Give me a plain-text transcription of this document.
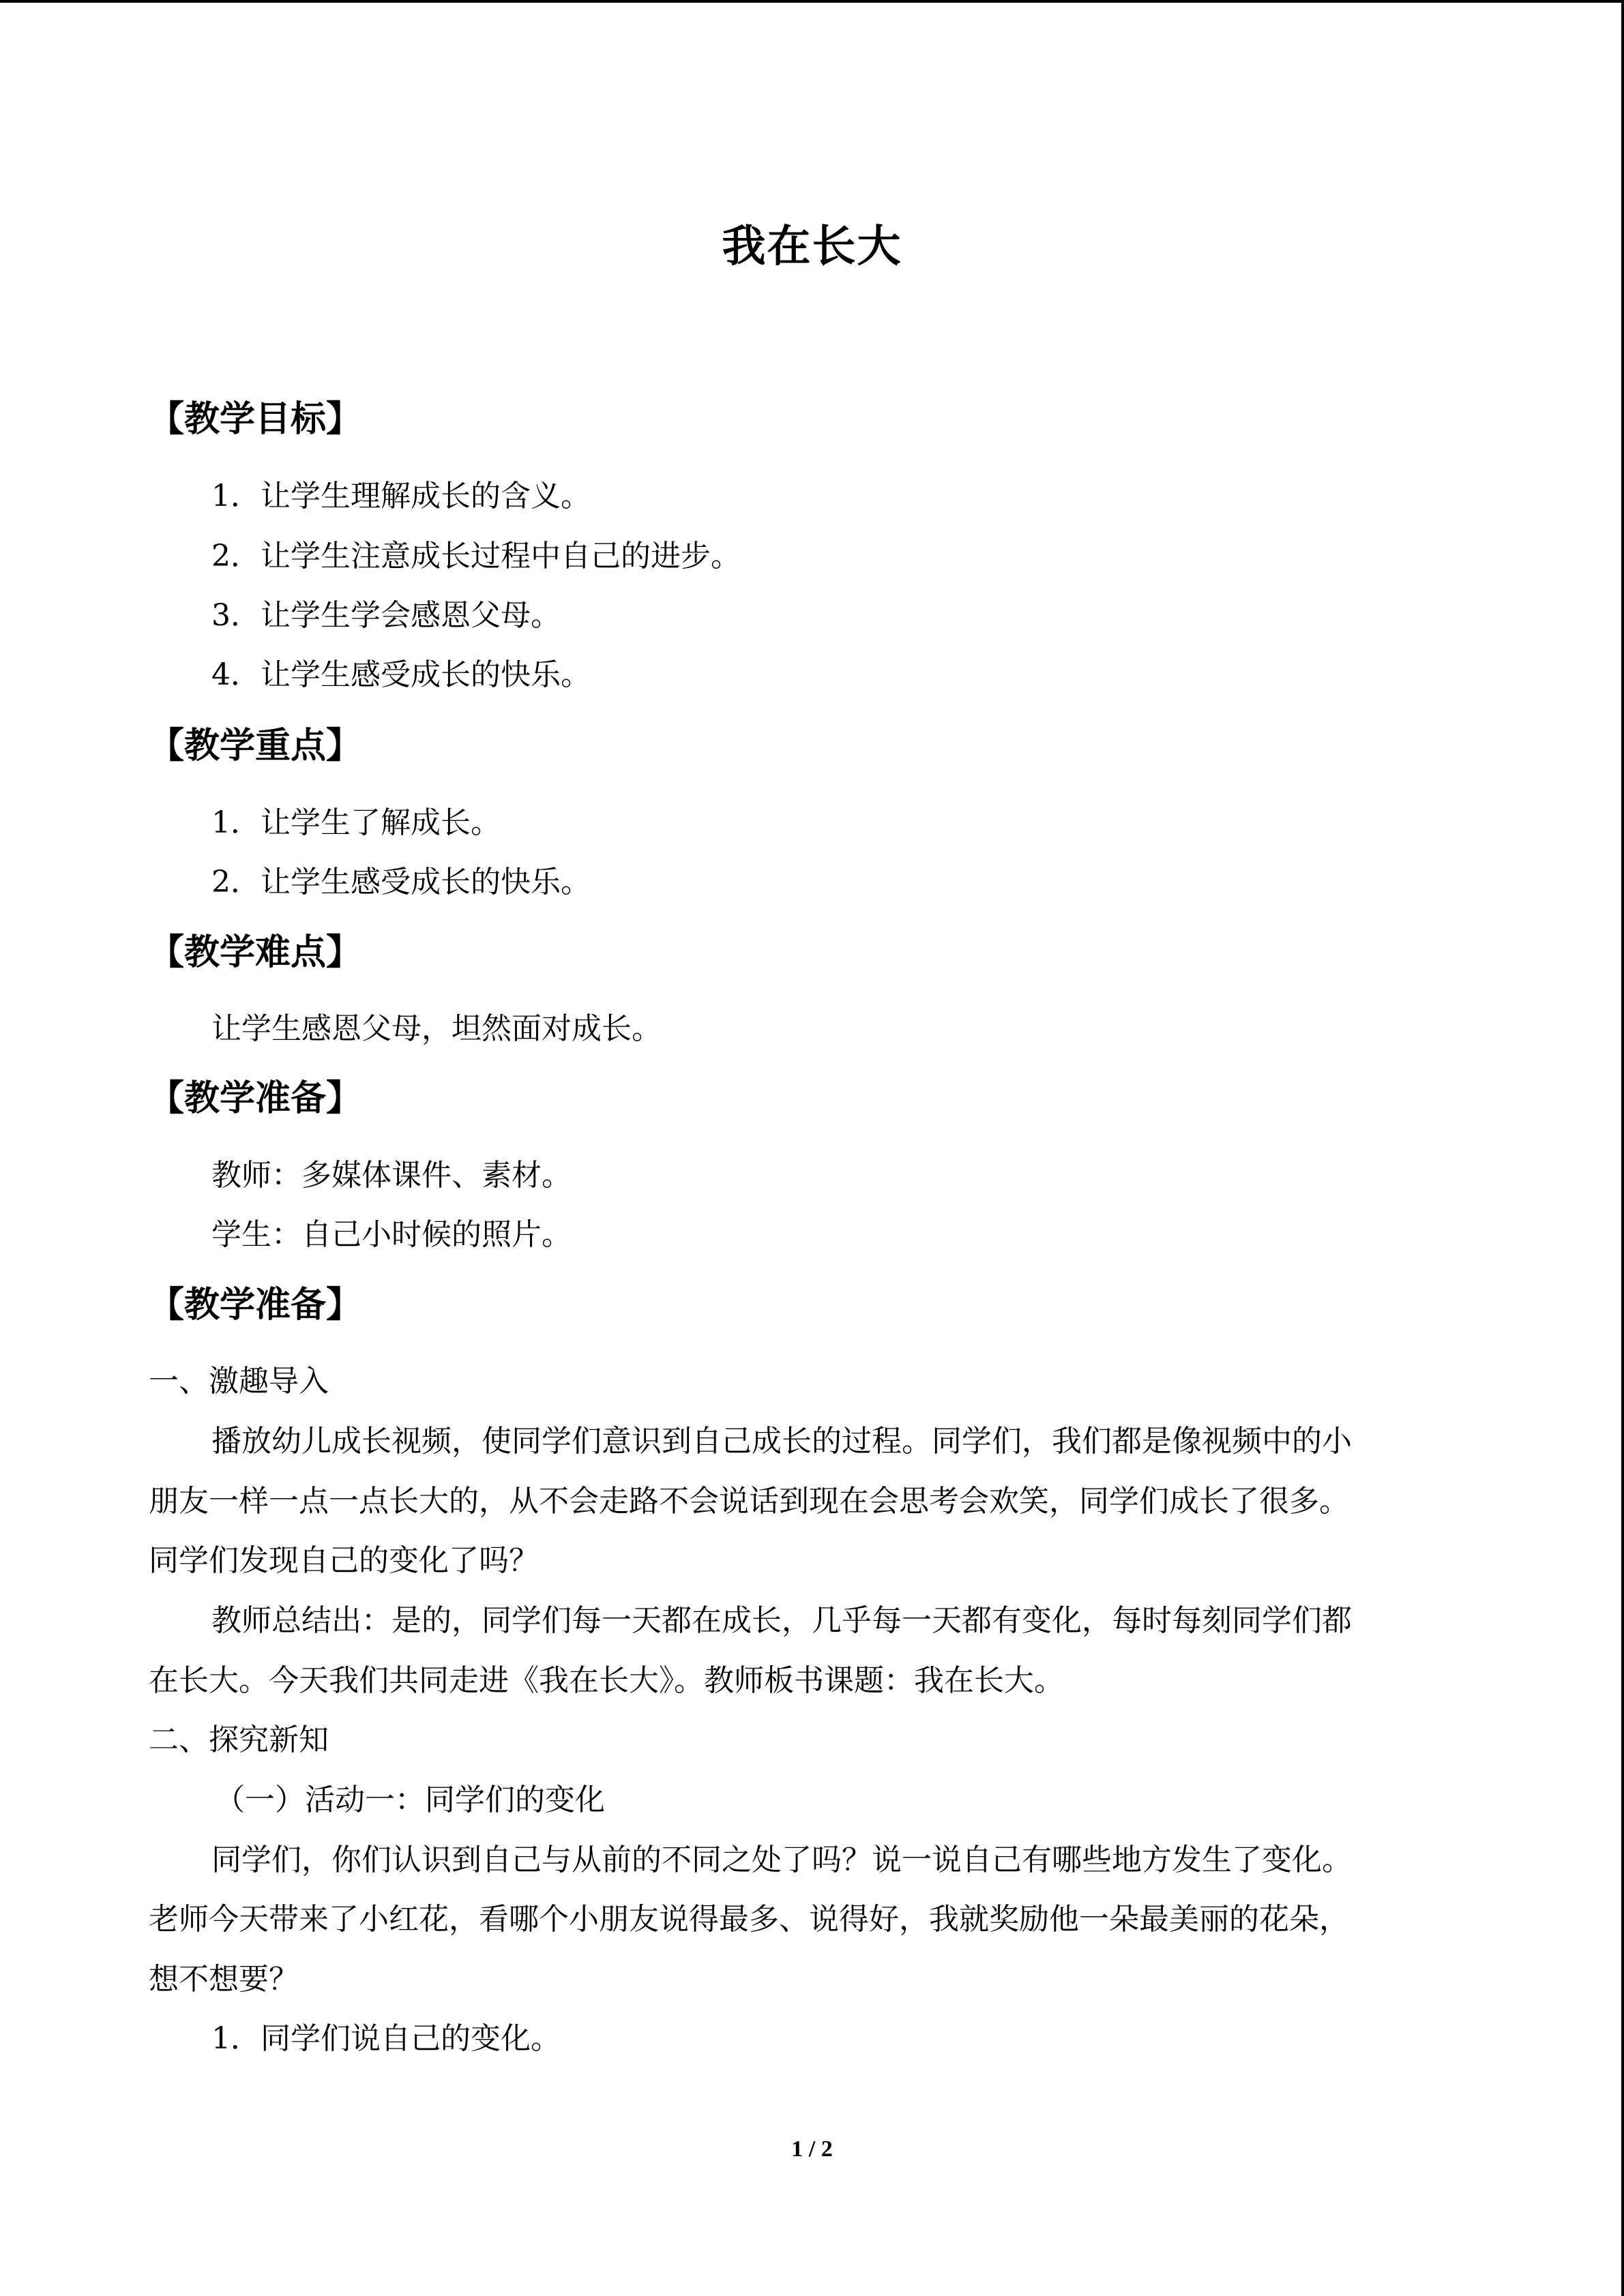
我在长大
【教学目标】
1．让学生理解成长的含义。
2．让学生注意成长过程中自己的进步。
3．让学生学会感恩父母。
4．让学生感受成长的快乐。
【教学重点】
1．让学生了解成长。
2．让学生感受成长的快乐。
【教学难点】
让学生感恩父母，坦然面对成长。
【教学准备】
教师：多媒体课件、素材。
学生：自己小时候的照片。
【教学准备】
一、激趣导入
播放幼儿成长视频，使同学们意识到自己成长的过程。同学们，我们都是像视频中的小
朋友一样一点一点长大的，从不会走路不会说话到现在会思考会欢笑，同学们成长了很多。
同学们发现自己的变化了吗？
教师总结出：是的，同学们每一天都在成长，几乎每一天都有变化，每时每刻同学们都
在长大。今天我们共同走进《我在长大》。教师板书课题：我在长大。
二、探究新知
（一）活动一：同学们的变化
同学们，你们认识到自己与从前的不同之处了吗？说一说自己有哪些地方发生了变化。
老师今天带来了小红花，看哪个小朋友说得最多、说得好，我就奖励他一朵最美丽的花朵，
想不想要？
1．同学们说自己的变化。
1 / 2
